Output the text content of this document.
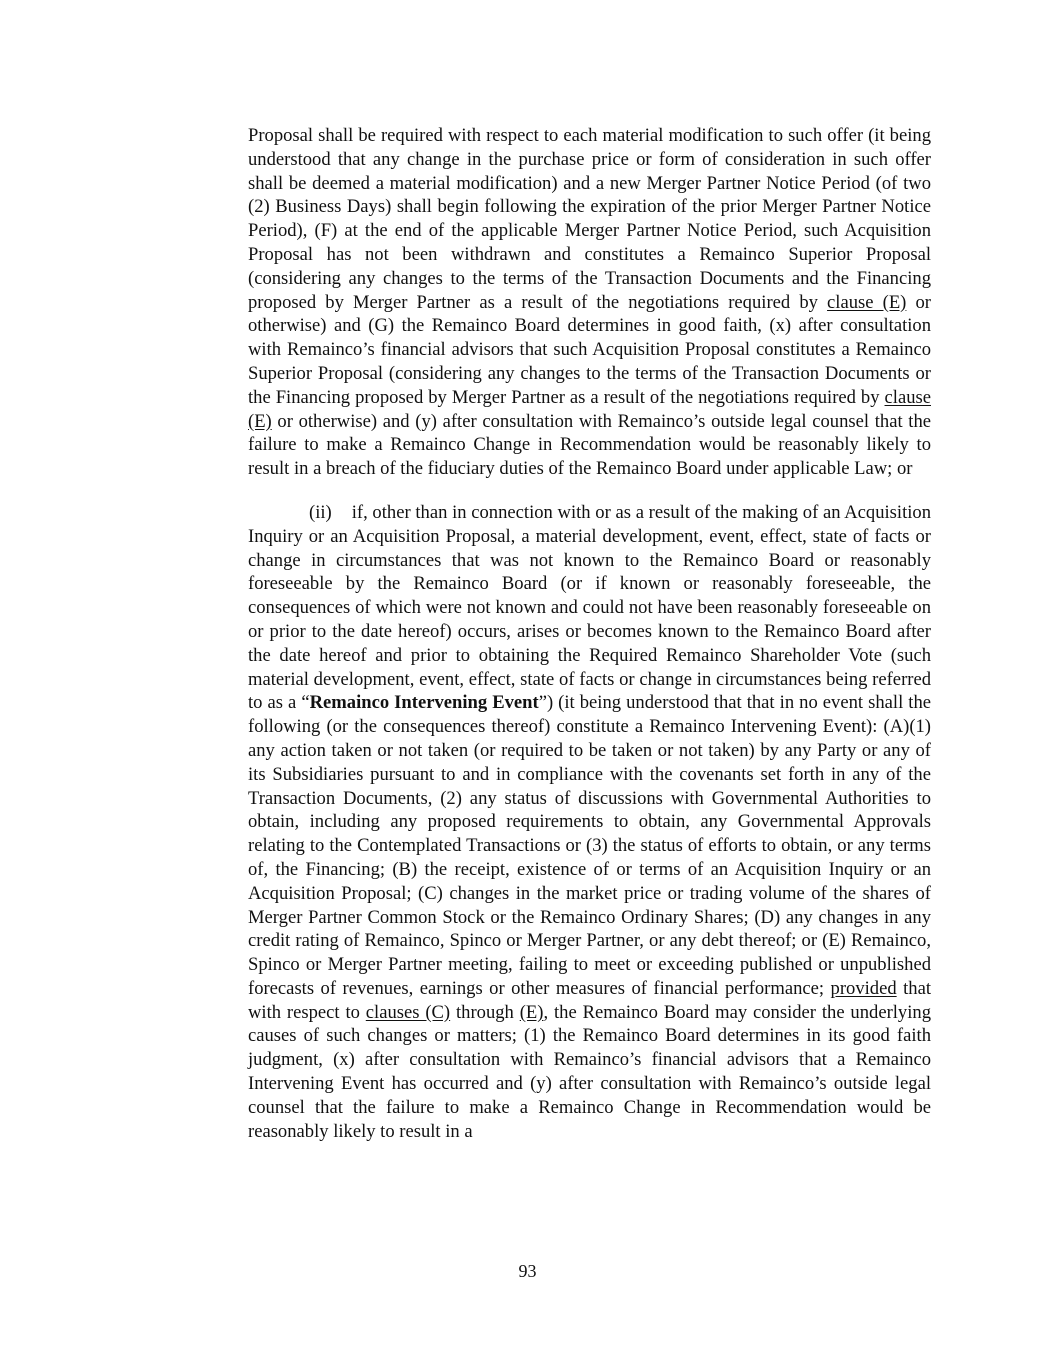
Proposal shall be required with respect to each material modification to such offer (it being understood that any change in the purchase price or form of consideration in such offer shall be deemed a material modification) and a new Merger Partner Notice Period (of two (2) Business Days) shall begin following the expiration of the prior Merger Partner Notice Period), (F) at the end of the applicable Merger Partner Notice Period, such Acquisition Proposal has not been withdrawn and constitutes a Remainco Superior Proposal (considering any changes to the terms of the Transaction Documents and the Financing proposed by Merger Partner as a result of the negotiations required by clause (E) or otherwise) and (G) the Remainco Board determines in good faith, (x) after consultation with Remainco’s financial advisors that such Acquisition Proposal constitutes a Remainco Superior Proposal (considering any changes to the terms of the Transaction Documents or the Financing proposed by Merger Partner as a result of the negotiations required by clause (E) or otherwise) and (y) after consultation with Remainco’s outside legal counsel that the failure to make a Remainco Change in Recommendation would be reasonably likely to result in a breach of the fiduciary duties of the Remainco Board under applicable Law; or

(ii) if, other than in connection with or as a result of the making of an Acquisition Inquiry or an Acquisition Proposal, a material development, event, effect, state of facts or change in circumstances that was not known to the Remainco Board or reasonably foreseeable by the Remainco Board (or if known or reasonably foreseeable, the consequences of which were not known and could not have been reasonably foreseeable on or prior to the date hereof) occurs, arises or becomes known to the Remainco Board after the date hereof and prior to obtaining the Required Remainco Shareholder Vote (such material development, event, effect, state of facts or change in circumstances being referred to as a “Remainco Intervening Event”) (it being understood that that in no event shall the following (or the consequences thereof) constitute a Remainco Intervening Event): (A)(1) any action taken or not taken (or required to be taken or not taken) by any Party or any of its Subsidiaries pursuant to and in compliance with the covenants set forth in any of the Transaction Documents, (2) any status of discussions with Governmental Authorities to obtain, including any proposed requirements to obtain, any Governmental Approvals relating to the Contemplated Transactions or (3) the status of efforts to obtain, or any terms of, the Financing; (B) the receipt, existence of or terms of an Acquisition Inquiry or an Acquisition Proposal; (C) changes in the market price or trading volume of the shares of Merger Partner Common Stock or the Remainco Ordinary Shares; (D) any changes in any credit rating of Remainco, Spinco or Merger Partner, or any debt thereof; or (E) Remainco, Spinco or Merger Partner meeting, failing to meet or exceeding published or unpublished forecasts of revenues, earnings or other measures of financial performance; provided that with respect to clauses (C) through (E), the Remainco Board may consider the underlying causes of such changes or matters; (1) the Remainco Board determines in its good faith judgment, (x) after consultation with Remainco’s financial advisors that a Remainco Intervening Event has occurred and (y) after consultation with Remainco’s outside legal counsel that the failure to make a Remainco Change in Recommendation would be reasonably likely to result in a

93
